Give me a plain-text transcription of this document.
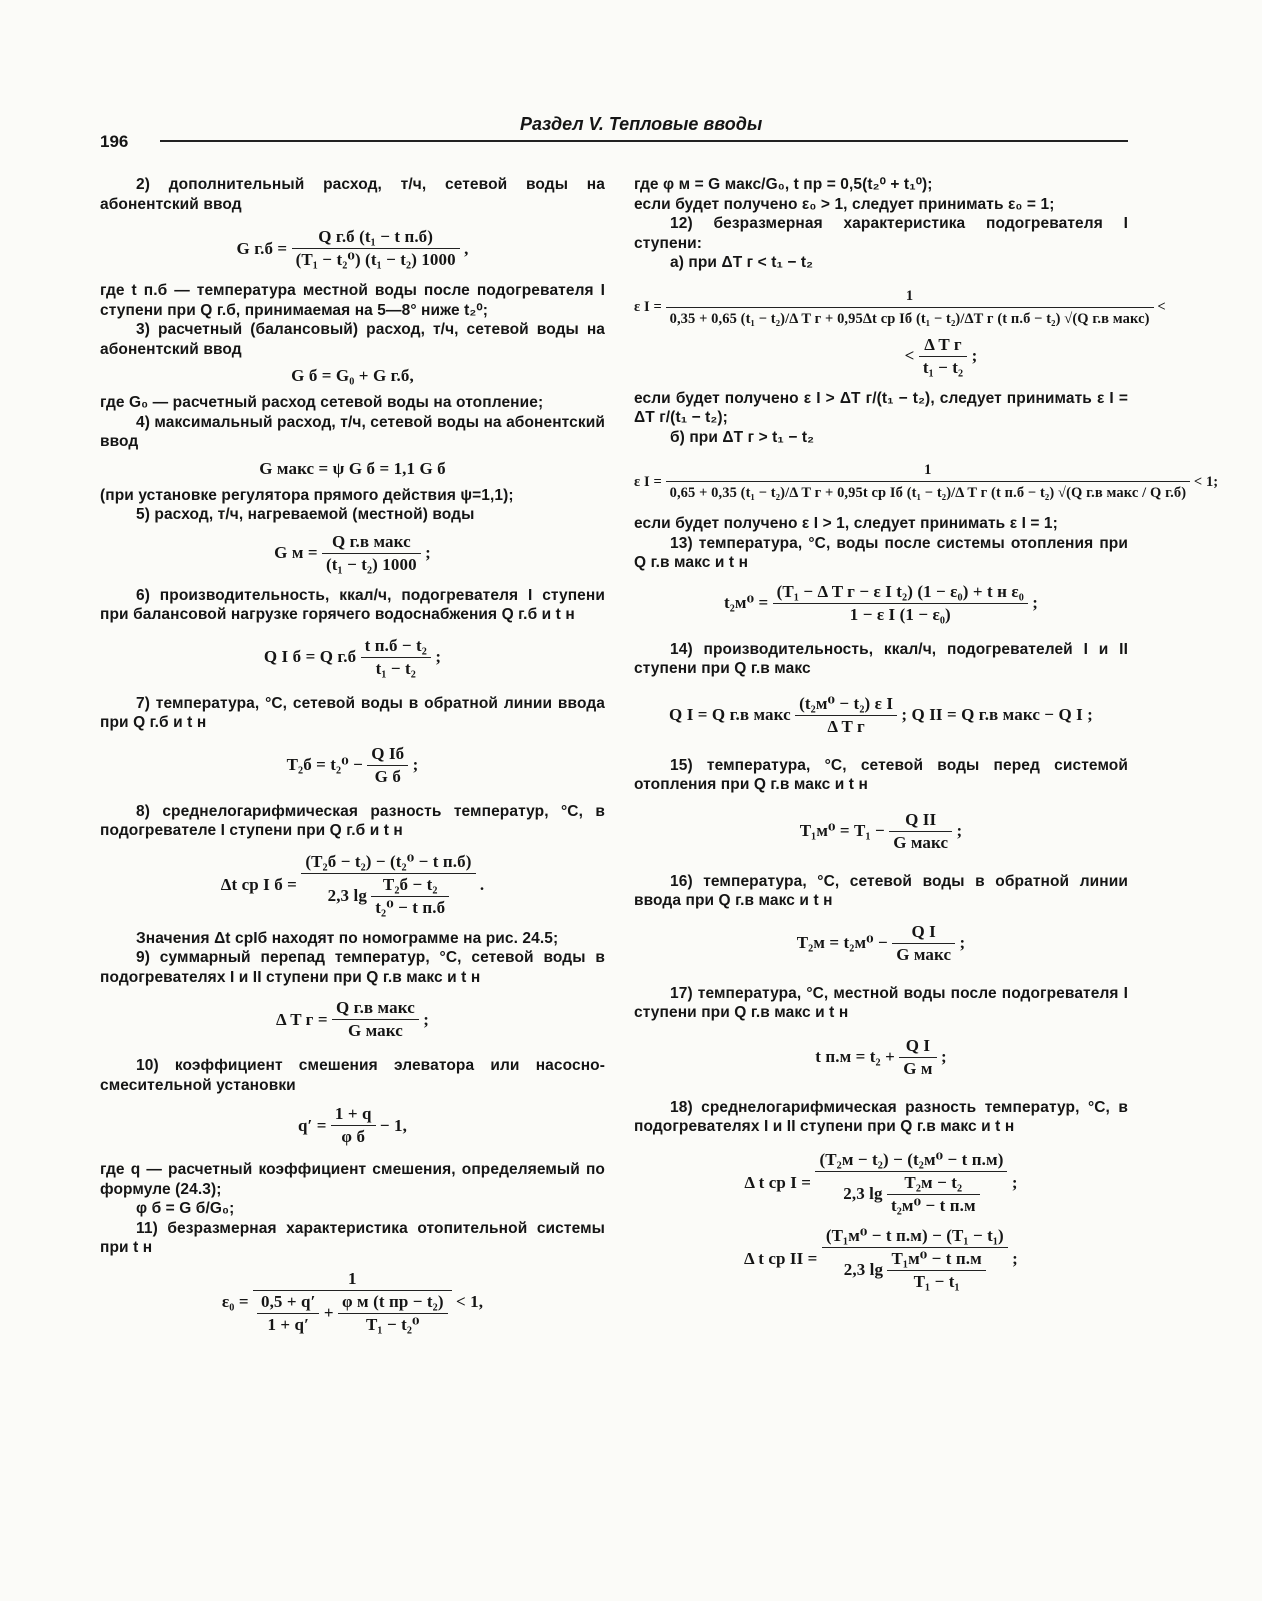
196
Раздел V. Тепловые вводы

2) дополнительный расход, т/ч, сетевой воды на абонентский ввод

G г.б =
Q г.б (t₁ − t п.б)
(T₁ − t₂⁰) (t₁ − t₂) 1000
,

где t п.б — температура местной воды после подогревателя I ступени при Q г.б, принимаемая на 5—8° ниже t₂⁰;

3) расчетный (балансовый) расход, т/ч, сетевой воды на абонентский ввод

G б = G₀ + G г.б,

где G₀ — расчетный расход сетевой воды на отопление;

4) максимальный расход, т/ч, сетевой воды на абонентский ввод

G макс = ψ G б = 1,1 G б

(при установке регулятора прямого действия ψ=1,1);

5) расход, т/ч, нагреваемой (местной) воды

G м =
Q г.в макс
(t₁ − t₂) 1000
;

6) производительность, ккал/ч, подогревателя I ступени при балансовой нагрузке горячего водоснабжения Q г.б и t н

Q I б = Q г.б
t п.б − t₂
t₁ − t₂
;

7) температура, °С, сетевой воды в обратной линии ввода при Q г.б и t н

T₂б = t₂⁰ −
Q Iб
G б
;

8) среднелогарифмическая разность температур, °С, в подогревателе I ступени при Q г.б и t н

Δt ср I б =
(T₂б − t₂) − (t₂⁰ − t п.б)
2,3 lg
T₂б − t₂
t₂⁰ − t п.б
.

Значения Δt срIб находят по номограмме на рис. 24.5;

9) суммарный перепад температур, °С, сетевой воды в подогревателях I и II ступени при Q г.в макс и t н

Δ T г =
Q г.в макс
G макс
;

10) коэффициент смешения элеватора или насосно-смесительной установки

q′ =
1 + q
φ б
− 1,

где q — расчетный коэффициент смешения, определяемый по формуле (24.3);

φ б = G б/G₀;

11) безразмерная характеристика отопительной системы при t н

ε₀ =
1
$\frac{0,5 + q'}{1 + q'}$ +
φ м (t пр − t₂)
T₁ − t₂⁰
< 1,

где φ м = G макс/G₀, t пр = 0,5(t₂⁰ + t₁⁰);

если будет получено ε₀ > 1, следует принимать ε₀ = 1;

12) безразмерная характеристика подогревателя I ступени:

а) при ΔT г < t₁ − t₂

ε I =
1
0,35 + 0,65 (t₁ − t₂)/Δ T г + 0,95Δt ср Iб (t₁ − t₂)/ΔT г (t п.б − t₂) √(Q г.в макс)
<
<
Δ T г
t₁ − t₂
;

если будет получено ε I > ΔT г/(t₁ − t₂), следует принимать ε I = ΔT г/(t₁ − t₂);

б) при ΔT г > t₁ − t₂

ε I =
1
0,65 + 0,35 (t₁ − t₂)/Δ T г + 0,95t ср Iб (t₁ − t₂)/Δ T г (t п.б − t₂) √(Q г.в макс / Q г.б)
< 1;

если будет получено ε I > 1, следует принимать ε I = 1;

13) температура, °С, воды после системы отопления при Q г.в макс и t н

t₂м⁰ =
(T₁ − Δ T г − ε I t₂) (1 − ε₀) + t н ε₀
1 − ε I (1 − ε₀)
;

14) производительность, ккал/ч, подогревателей I и II ступени при Q г.в макс

Q I = Q г.в макс
(t₂м⁰ − t₂) ε I
Δ T г
; Q II = Q г.в макс − Q I ;

15) температура, °С, сетевой воды перед системой отопления при Q г.в макс и t н

T₁м⁰ = T₁ −
Q II
G макс
;

16) температура, °С, сетевой воды в обратной линии ввода при Q г.в макс и t н

T₂м = t₂м⁰ −
Q I
G макс
;

17) температура, °С, местной воды после подогревателя I ступени при Q г.в макс и t н

t п.м = t₂ +
Q I
G м
;

18) среднелогарифмическая разность температур, °С, в подогревателях I и II ступени при Q г.в макс и t н

Δ t ср I =
(T₂м − t₂) − (t₂м⁰ − t п.м)
2,3 lg
T₂м − t₂
t₂м⁰ − t п.м
;
Δ t ср II =
(T₁м⁰ − t п.м) − (T₁ − t₁)
2,3 lg
T₁м⁰ − t п.м
T₁ − t₁
;
